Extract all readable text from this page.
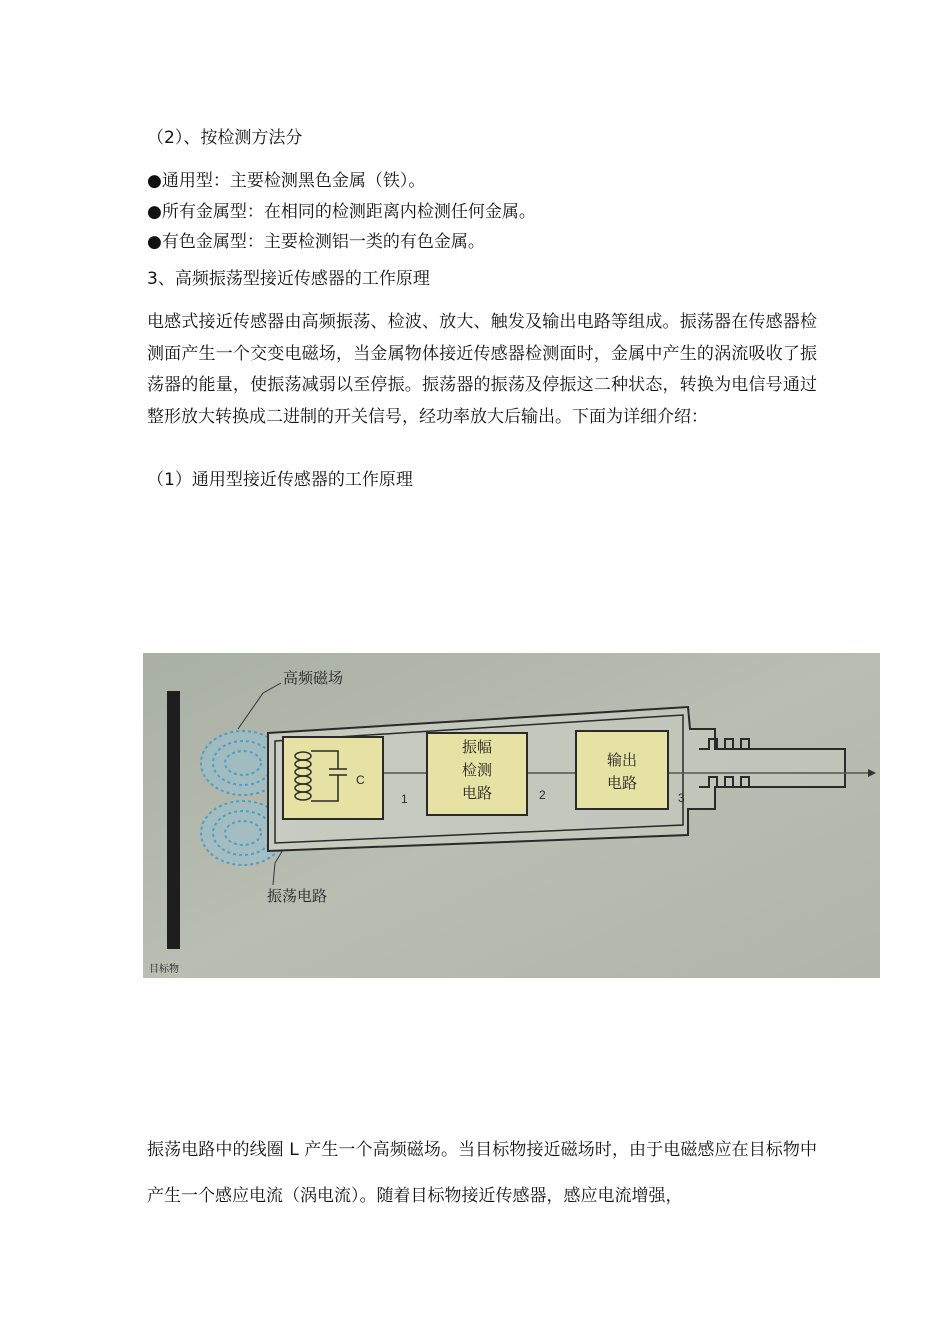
（2）、按检测方法分
●通用型：主要检测黑色金属（铁）。
●所有金属型：在相同的检测距离内检测任何金属。
●有色金属型：主要检测铝一类的有色金属。
3、高频振荡型接近传感器的工作原理
电感式接近传感器由高频振荡、检波、放大、触发及输出电路等组成。振荡器在传感器检测面产生一个交变电磁场，当金属物体接近传感器检测面时，金属中产生的涡流吸收了振荡器的能量，使振荡减弱以至停振。振荡器的振荡及停振这二种状态，转换为电信号通过整形放大转换成二进制的开关信号，经功率放大后输出。下面为详细介绍：
（1）通用型接近传感器的工作原理
C
振幅
检测
电路
输出
电路
1	2	3
高频磁场
振荡电路
目标物
振荡电路中的线圈 L 产生一个高频磁场。当目标物接近磁场时，由于电磁感应在目标物中产生一个感应电流（涡电流）。随着目标物接近传感器，感应电流增强，
